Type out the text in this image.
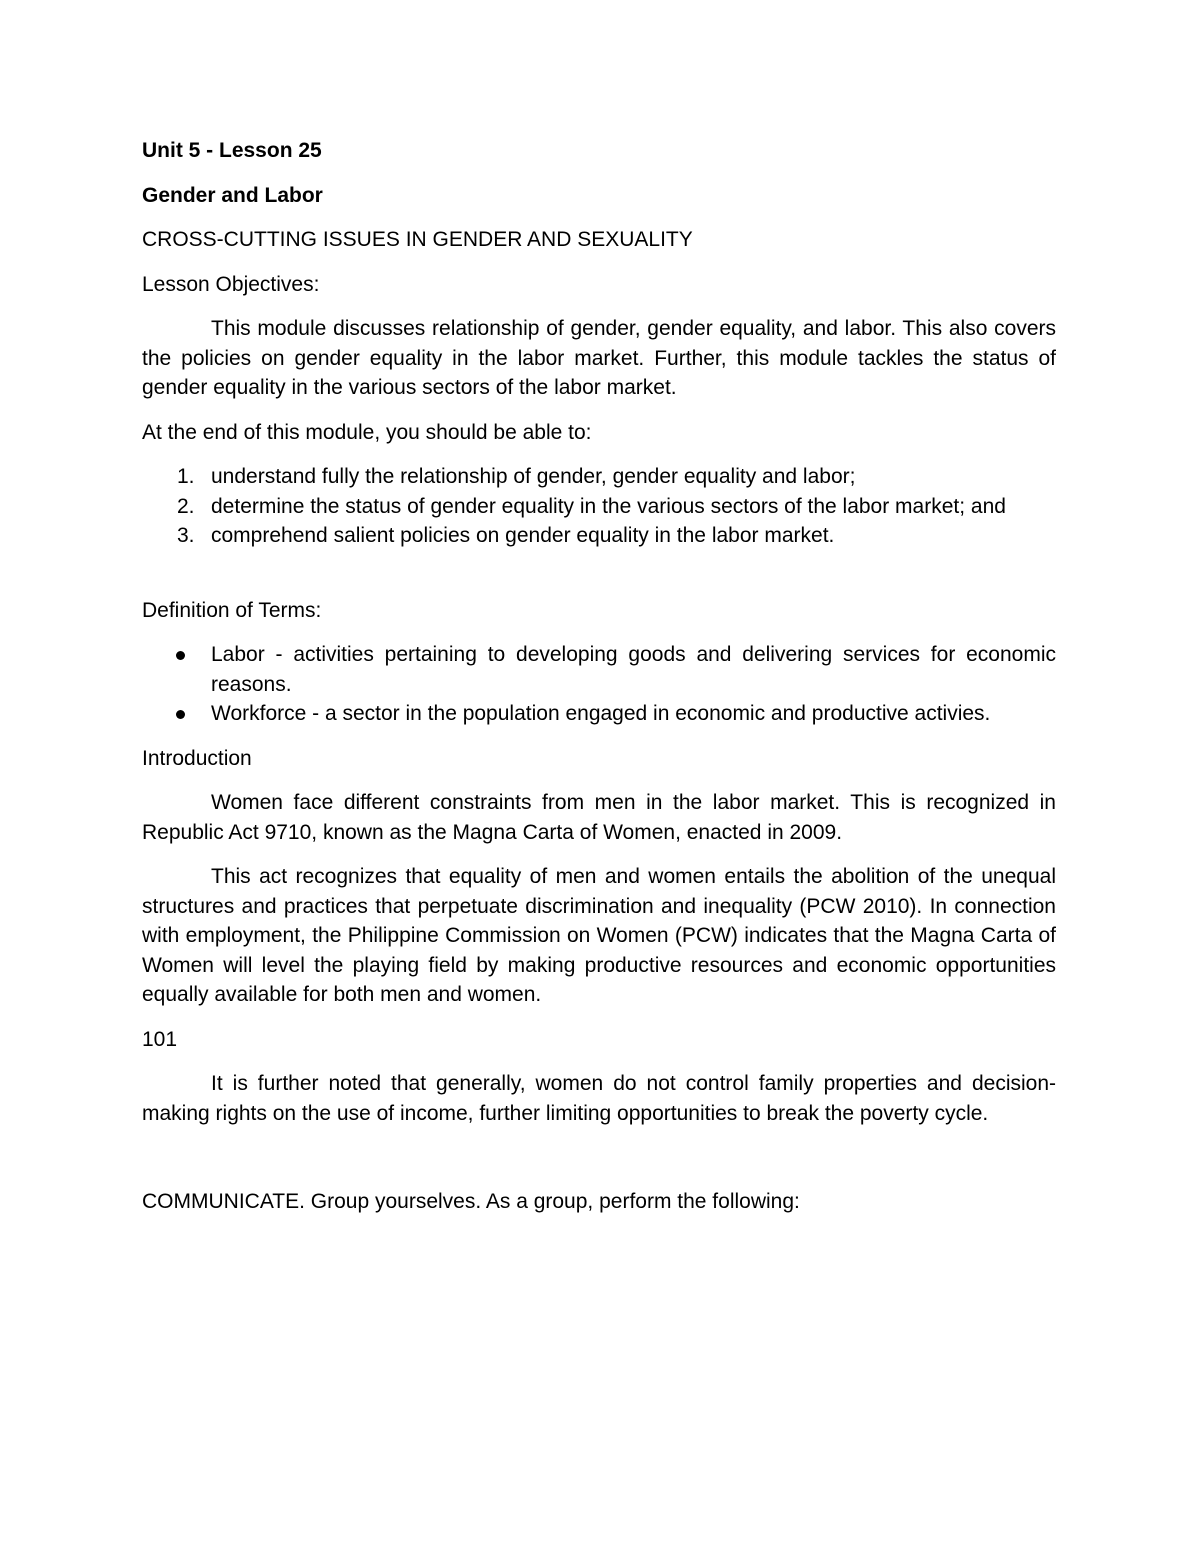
Unit 5 - Lesson 25
Gender and Labor
CROSS-CUTTING ISSUES IN GENDER AND SEXUALITY
Lesson Objectives:
This module discusses relationship of gender, gender equality, and labor. This also covers the policies on gender equality in the labor market. Further, this module tackles the status of gender equality in the various sectors of the labor market.
At the end of this module, you should be able to:
1. understand fully the relationship of gender, gender equality and labor;
2. determine the status of gender equality in the various sectors of the labor market; and
3. comprehend salient policies on gender equality in the labor market.
Definition of Terms:
Labor - activities pertaining to developing goods and delivering services for economic reasons.
Workforce - a sector in the population engaged in economic and productive activies.
Introduction
Women face different constraints from men in the labor market. This is recognized in Republic Act 9710, known as the Magna Carta of Women, enacted in 2009.
This act recognizes that equality of men and women entails the abolition of the unequal structures and practices that perpetuate discrimination and inequality (PCW 2010). In connection with employment, the Philippine Commission on Women (PCW) indicates that the Magna Carta of Women will level the playing field by making productive resources and economic opportunities equally available for both men and women.
101
It is further noted that generally, women do not control family properties and decision-making rights on the use of income, further limiting opportunities to break the poverty cycle.
COMMUNICATE. Group yourselves. As a group, perform the following:
